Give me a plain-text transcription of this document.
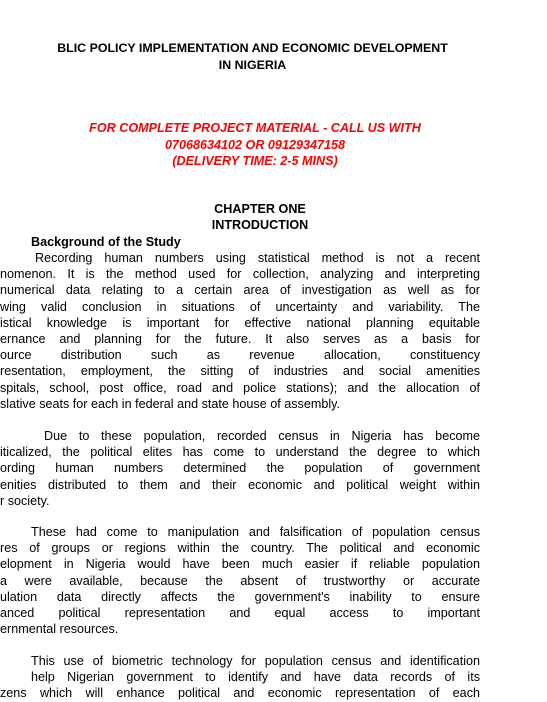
BLIC POLICY IMPLEMENTATION AND ECONOMIC DEVELOPMENT
IN NIGERIA
FOR COMPLETE PROJECT MATERIAL - CALL US WITH
07068634102 OR 09129347158
(DELIVERY TIME: 2-5 MINS)
CHAPTER ONE
INTRODUCTION
Background of the Study
Recording human numbers using statistical method is not a recent
nomenon. It is the method used for collection, analyzing and interpreting
numerical data relating to a certain area of investigation as well as for
wing valid conclusion in situations of uncertainty and variability. The
istical knowledge is important for effective national planning equitable
ernance and planning for the future. It also serves as a basis for
ource distribution such as revenue allocation, constituency
resentation, employment, the sitting of industries and social amenities
spitals, school, post office, road and police stations); and the allocation of
slative seats for each in federal and state house of assembly.
Due to these population, recorded census in Nigeria has become
iticalized, the political elites has come to understand the degree to which
ording human numbers determined the population of government
enities distributed to them and their economic and political weight within
r society.
These had come to manipulation and falsification of population census
res of groups or regions within the country. The political and economic
elopment in Nigeria would have been much easier if reliable population
a were available, because the absent of trustworthy or accurate
ulation data directly affects the government's inability to ensure
anced political representation and equal access to important
ernmental resources.
This use of biometric technology for population census and identification
help Nigerian government to identify and have data records of its
zens which will enhance political and economic representation of each
